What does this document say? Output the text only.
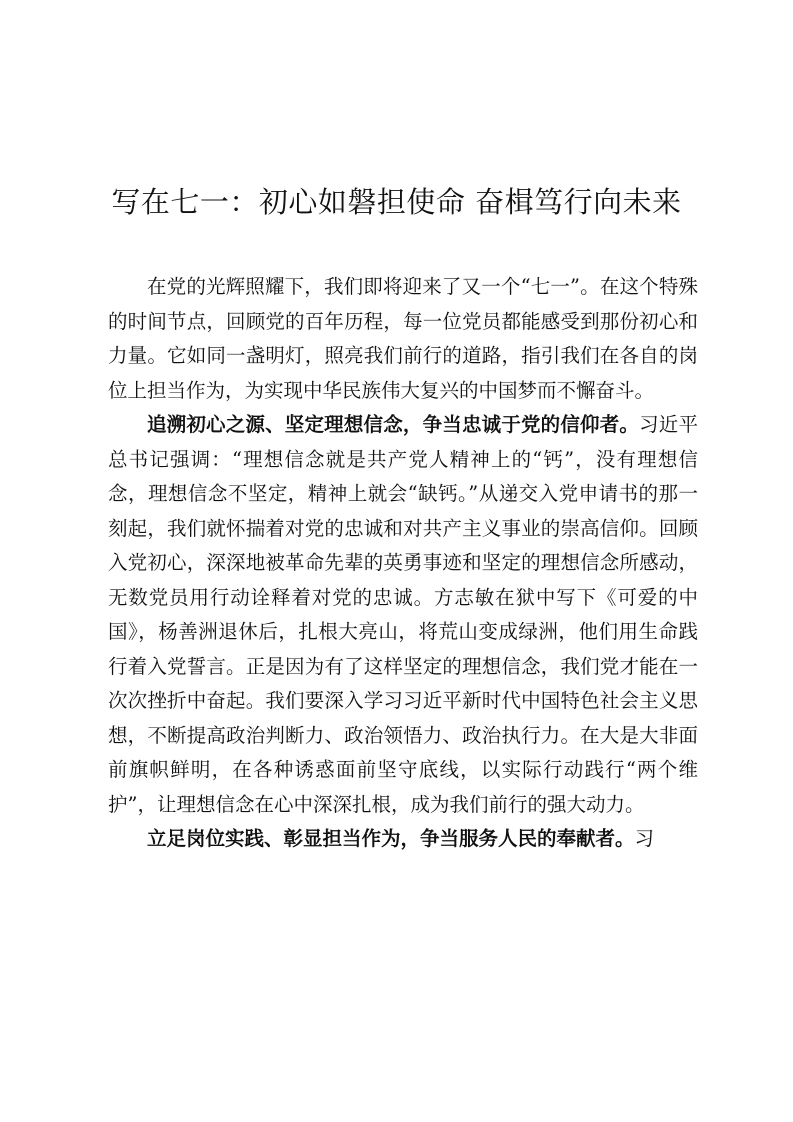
写在七一：初心如磐担使命 奋楫笃行向未来

在党的光辉照耀下，我们即将迎来了又一个“七一”。在这个特殊的时间节点，回顾党的百年历程，每一位党员都能感受到那份初心和力量。它如同一盏明灯，照亮我们前行的道路，指引我们在各自的岗位上担当作为，为实现中华民族伟大复兴的中国梦而不懈奋斗。

追溯初心之源、坚定理想信念，争当忠诚于党的信仰者。习近平总书记强调：“理想信念就是共产党人精神上的“钙”，没有理想信念，理想信念不坚定，精神上就会“缺钙。”从递交入党申请书的那一刻起，我们就怀揣着对党的忠诚和对共产主义事业的崇高信仰。回顾入党初心，深深地被革命先辈的英勇事迹和坚定的理想信念所感动，无数党员用行动诠释着对党的忠诚。方志敏在狱中写下《可爱的中国》，杨善洲退休后，扎根大亮山，将荒山变成绿洲，他们用生命践行着入党誓言。正是因为有了这样坚定的理想信念，我们党才能在一次次挫折中奋起。我们要深入学习习近平新时代中国特色社会主义思想，不断提高政治判断力、政治领悟力、政治执行力。在大是大非面前旗帜鲜明，在各种诱惑面前坚守底线，以实际行动践行“两个维护”，让理想信念在心中深深扎根，成为我们前行的强大动力。

立足岗位实践、彰显担当作为，争当服务人民的奉献者。习
